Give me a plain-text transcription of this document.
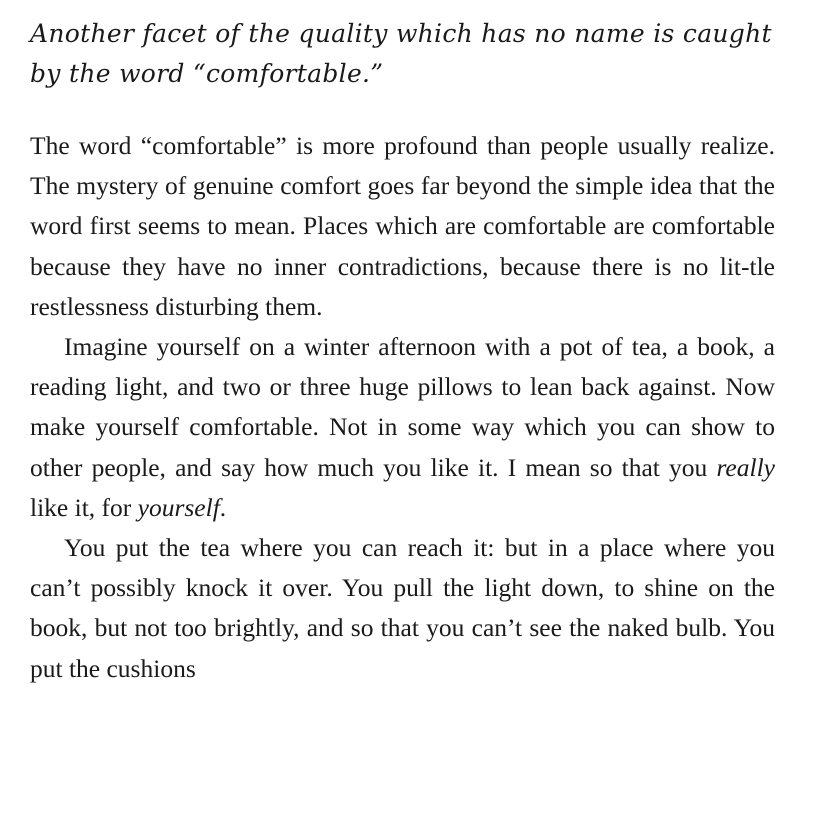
Another facet of the quality which has no name is caught by the word “comfortable.”

The word “comfortable” is more profound than people usually realize. The mystery of genuine comfort goes far beyond the simple idea that the word first seems to mean. Places which are comfortable are comfortable because they have no inner contradictions, because there is no lit-tle restlessness disturbing them.

Imagine yourself on a winter afternoon with a pot of tea, a book, a reading light, and two or three huge pillows to lean back against. Now make yourself comfortable. Not in some way which you can show to other people, and say how much you like it. I mean so that you really like it, for yourself.

You put the tea where you can reach it: but in a place where you can’t possibly knock it over. You pull the light down, to shine on the book, but not too brightly, and so that you can’t see the naked bulb. You put the cushions
